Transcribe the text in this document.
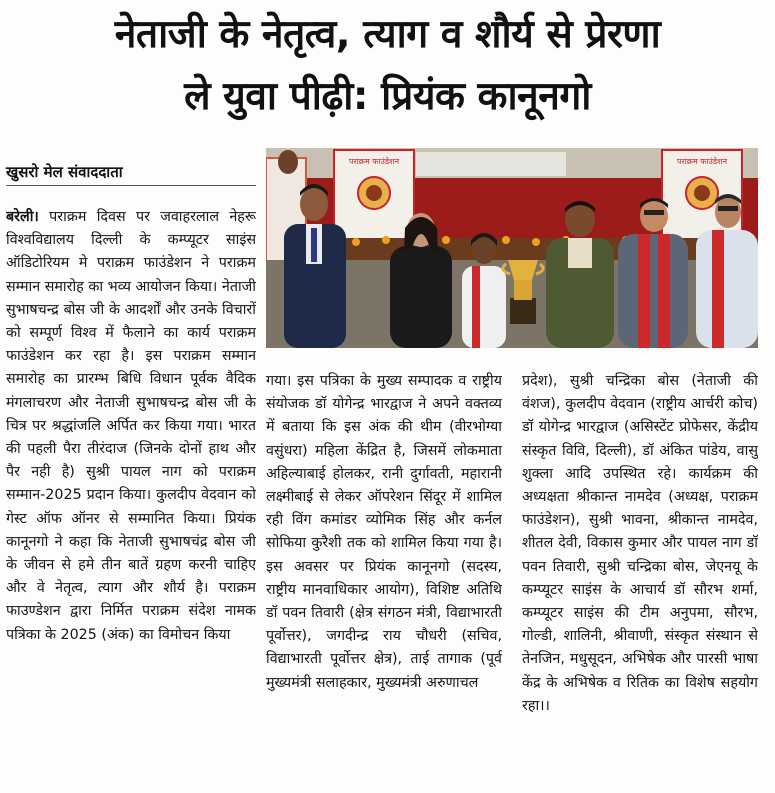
नेताजी के नेतृत्व, त्याग व शौर्य से प्रेरणा
ले युवा पीढ़ी: प्रियंक कानूनगो
खुसरो मेल संवाददाता

बरेली। पराक्रम दिवस पर जवाहरलाल नेहरू विश्वविद्यालय दिल्ली के कम्प्यूटर साइंस ऑडिटोरियम मे पराक्रम फाउंडेशन ने पराक्रम सम्मान समारोह का भव्य आयोजन किया। नेताजी सुभाषचन्द्र बोस जी के आदर्शों और उनके विचारों को सम्पूर्ण विश्व में फैलाने का कार्य पराक्रम फाउंडेशन कर रहा है। इस पराक्रम सम्मान समारोह का प्रारम्भ बिधि विधान पूर्वक वैदिक मंगलाचरण और नेताजी सुभाषचन्द्र बोस जी के चित्र पर श्रद्धांजलि अर्पित कर किया गया। भारत की पहली पैरा तीरंदाज (जिनके दोनों हाथ और पैर नही है) सुश्री पायल नाग को पराक्रम सम्मान-2025 प्रदान किया। कुलदीप वेदवान को गेस्ट ऑफ ऑनर से सम्मानित किया। प्रियंक कानूनगो ने कहा कि नेताजी सुभाषचंद्र बोस जी के जीवन से हमे तीन बातें ग्रहण करनी चाहिए और वे नेतृत्व, त्याग और शौर्य है। पराक्रम फाउण्डेशन द्वारा निर्मित पराक्रम संदेश नामक पत्रिका के 2025 (अंक) का विमोचन किया

पराक्रम फाउंडेशन	पराक्रम फाउंडेशन

गया। इस पत्रिका के मुख्य सम्पादक व राष्ट्रीय संयोजक डॉ योगेन्द्र भारद्वाज ने अपने वक्तव्य में बताया कि इस अंक की थीम (वीरभोग्या वसुंधरा) महिला केंद्रित है, जिसमें लोकमाता अहिल्याबाई होलकर, रानी दुर्गावती, महारानी लक्ष्मीबाई से लेकर ऑपरेशन सिंदूर में शामिल रही विंग कमांडर व्योमिक सिंह और कर्नल सोफिया कुरैशी तक को शामिल किया गया है। इस अवसर पर प्रियंक कानूनगो (सदस्य, राष्ट्रीय मानवाधिकार आयोग), विशिष्ट अतिथि डॉ पवन तिवारी (क्षेत्र संगठन मंत्री, विद्याभारती पूर्वोत्तर), जगदीन्द्र राय चौधरी (सचिव, विद्याभारती पूर्वोत्तर क्षेत्र), ताई तागाक (पूर्व मुख्यमंत्री सलाहकार, मुख्यमंत्री अरुणाचल

प्रदेश), सुश्री चन्द्रिका बोस (नेताजी की वंशज), कुलदीप वेदवान (राष्ट्रीय आर्चरी कोच) डॉ योगेन्द्र भारद्वाज (असिस्टेंट प्रोफेसर, केंद्रीय संस्कृत विवि, दिल्ली), डॉ अंकित पांडेय, वासु शुक्ला आदि उपस्थित रहे। कार्यक्रम की अध्यक्षता श्रीकान्त नामदेव (अध्यक्ष, पराक्रम फाउंडेशन), सुश्री भावना, श्रीकान्त नामदेव, शीतल देवी, विकास कुमार और पायल नाग डॉ पवन तिवारी, सुश्री चन्द्रिका बोस, जेएनयू के कम्प्यूटर साइंस के आचार्य डॉ सौरभ शर्मा, कम्प्यूटर साइंस की टीम अनुपमा, सौरभ, गोल्डी, शालिनी, श्रीवाणी, संस्कृत संस्थान से तेनजिन, मधुसूदन, अभिषेक और पारसी भाषा केंद्र के अभिषेक व रितिक का विशेष सहयोग रहा।।
